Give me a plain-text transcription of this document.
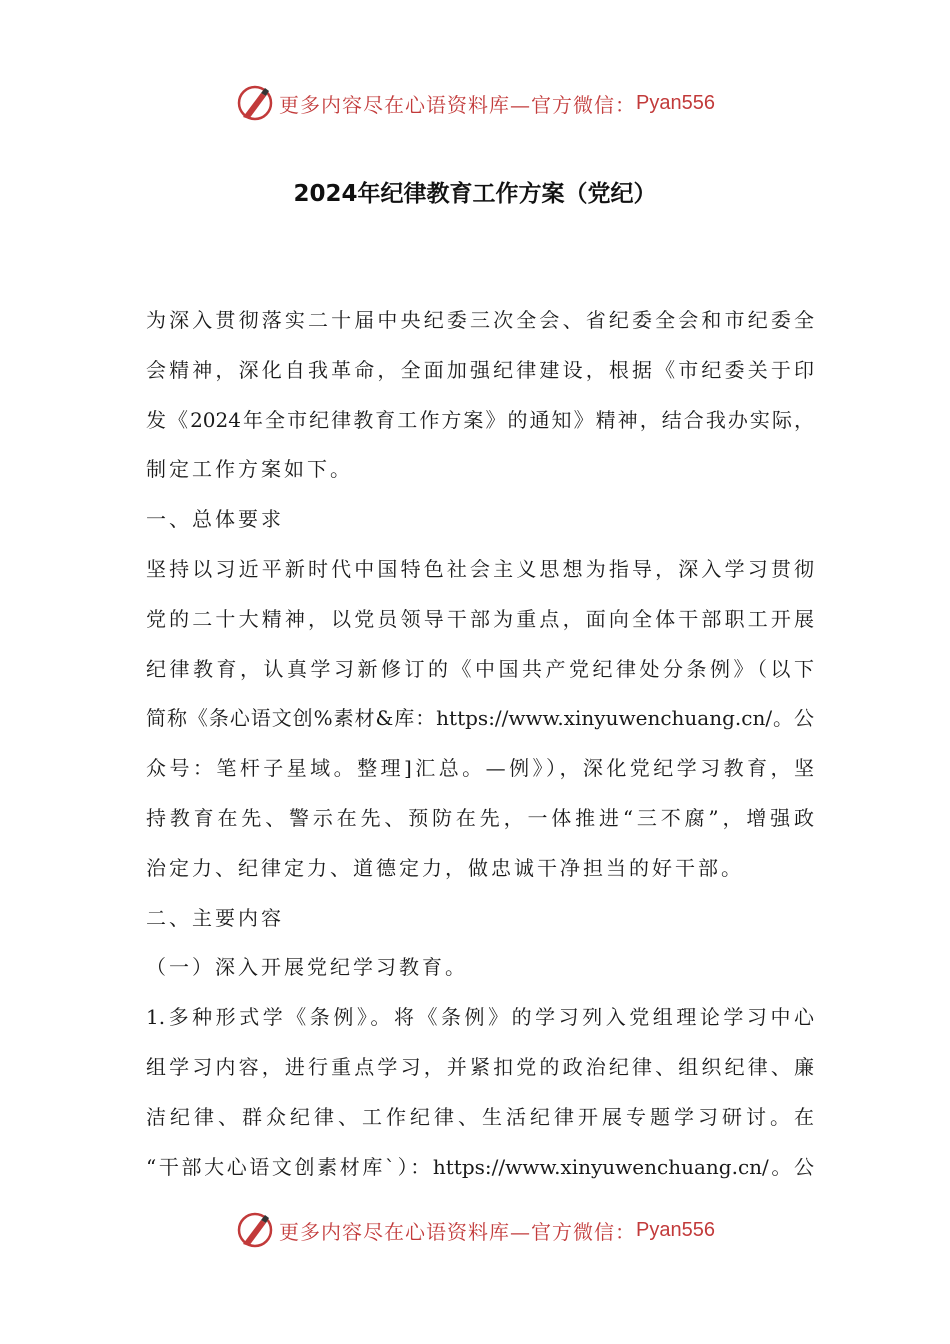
更多内容尽在心语资料库—官方微信： Pyan556
2024年纪律教育工作方案（党纪）
为深入贯彻落实二十届中央纪委三次全会、省纪委全会和市纪委全
会精神，深化自我革命，全面加强纪律建设，根据《市纪委关于印
发《2024年全市纪律教育工作方案》的通知》精神，结合我办实际，
制定工作方案如下。
一、总体要求
坚持以习近平新时代中国特色社会主义思想为指导，深入学习贯彻
党的二十大精神，以党员领导干部为重点，面向全体干部职工开展
纪律教育，认真学习新修订的《中国共产党纪律处分条例》（以下
简称《条心语文创%素材&库：https://www.xinyuwenchuang.cn/。公
众号：笔杆子星域。整理]汇总。—例》），深化党纪学习教育，坚
持教育在先、警示在先、预防在先，一体推进“三不腐”，增强政
治定力、纪律定力、道德定力，做忠诚干净担当的好干部。
二、主要内容
（一）深入开展党纪学习教育。
1.多种形式学《条例》。将《条例》的学习列入党组理论学习中心
组学习内容，进行重点学习，并紧扣党的政治纪律、组织纪律、廉
洁纪律、群众纪律、工作纪律、生活纪律开展专题学习研讨。在
“干部大心语文创素材库`）：https://www.xinyuwenchuang.cn/。公
更多内容尽在心语资料库—官方微信： Pyan556
